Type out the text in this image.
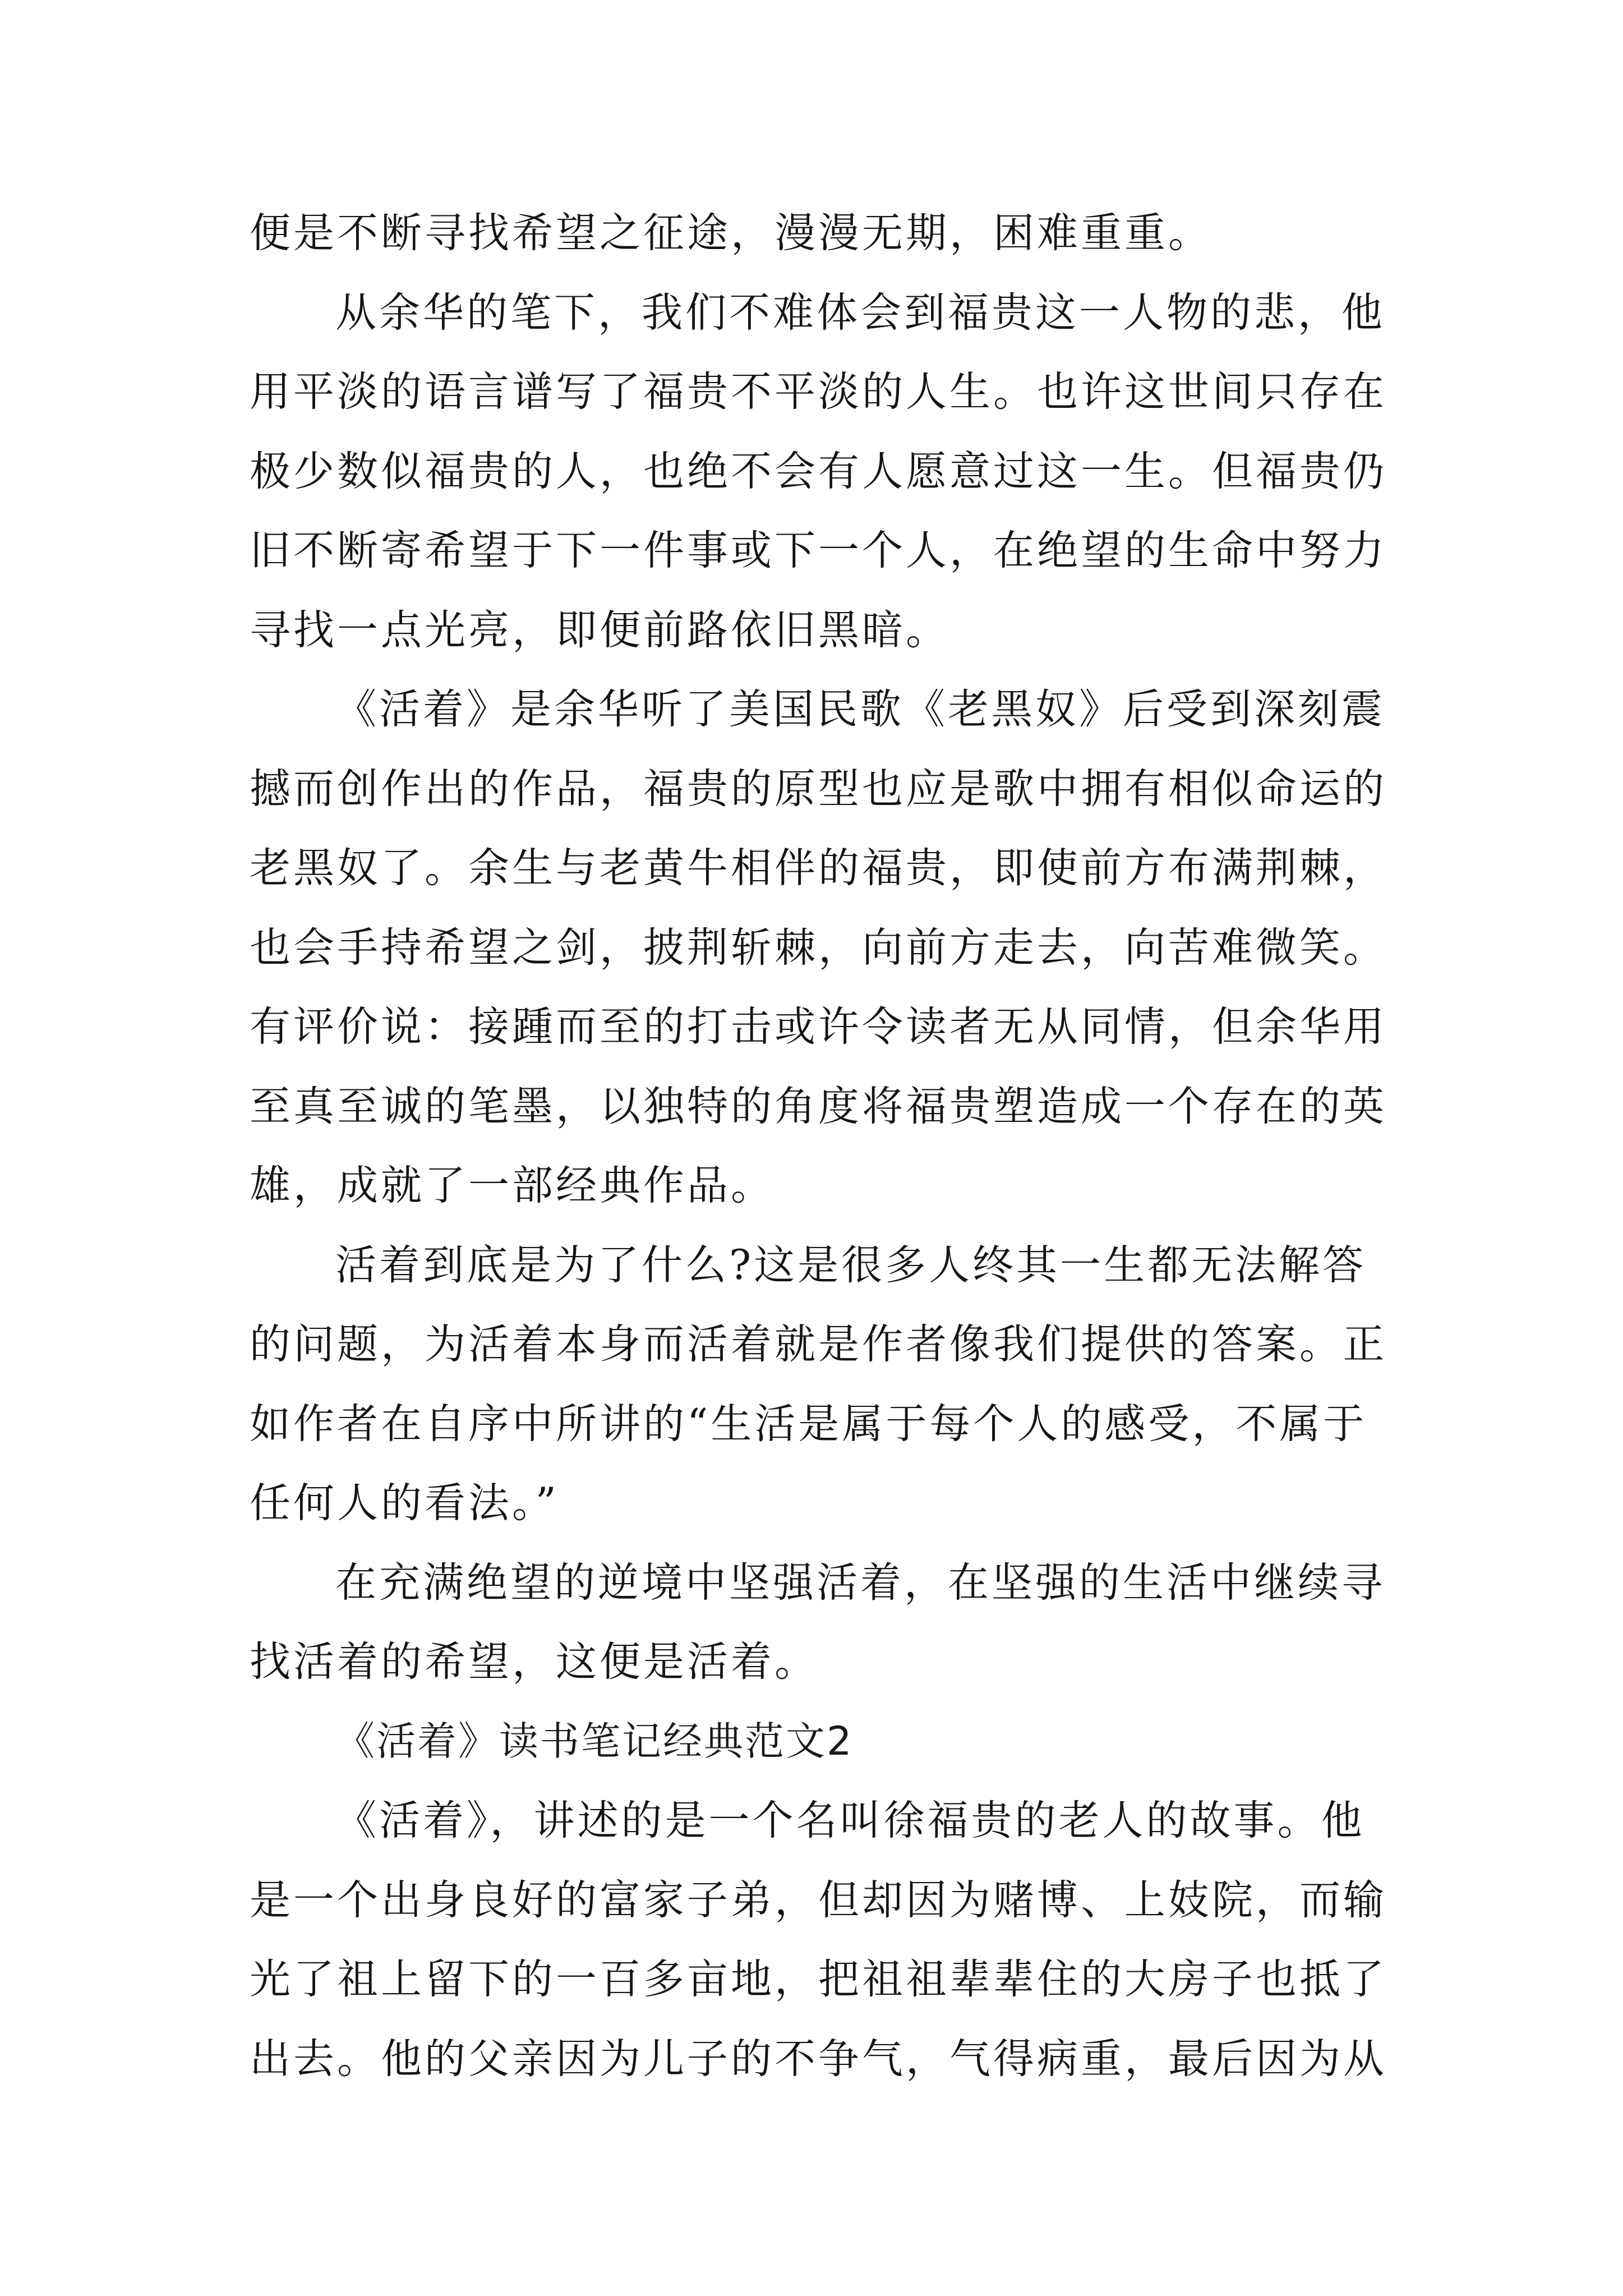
便是不断寻找希望之征途，漫漫无期，困难重重。
从余华的笔下，我们不难体会到福贵这一人物的悲，他
用平淡的语言谱写了福贵不平淡的人生。也许这世间只存在
极少数似福贵的人，也绝不会有人愿意过这一生。但福贵仍
旧不断寄希望于下一件事或下一个人，在绝望的生命中努力
寻找一点光亮，即便前路依旧黑暗。
《活着》是余华听了美国民歌《老黑奴》后受到深刻震
撼而创作出的作品，福贵的原型也应是歌中拥有相似命运的
老黑奴了。余生与老黄牛相伴的福贵，即使前方布满荆棘，
也会手持希望之剑，披荆斩棘，向前方走去，向苦难微笑。
有评价说：接踵而至的打击或许令读者无从同情，但余华用
至真至诚的笔墨，以独特的角度将福贵塑造成一个存在的英
雄，成就了一部经典作品。
活着到底是为了什么?这是很多人终其一生都无法解答
的问题，为活着本身而活着就是作者像我们提供的答案。正
如作者在自序中所讲的“生活是属于每个人的感受，不属于
任何人的看法。”
在充满绝望的逆境中坚强活着，在坚强的生活中继续寻
找活着的希望，这便是活着。
《活着》读书笔记经典范文2
《活着》，讲述的是一个名叫徐福贵的老人的故事。他
是一个出身良好的富家子弟，但却因为赌博、上妓院，而输
光了祖上留下的一百多亩地，把祖祖辈辈住的大房子也抵了
出去。他的父亲因为儿子的不争气，气得病重，最后因为从
